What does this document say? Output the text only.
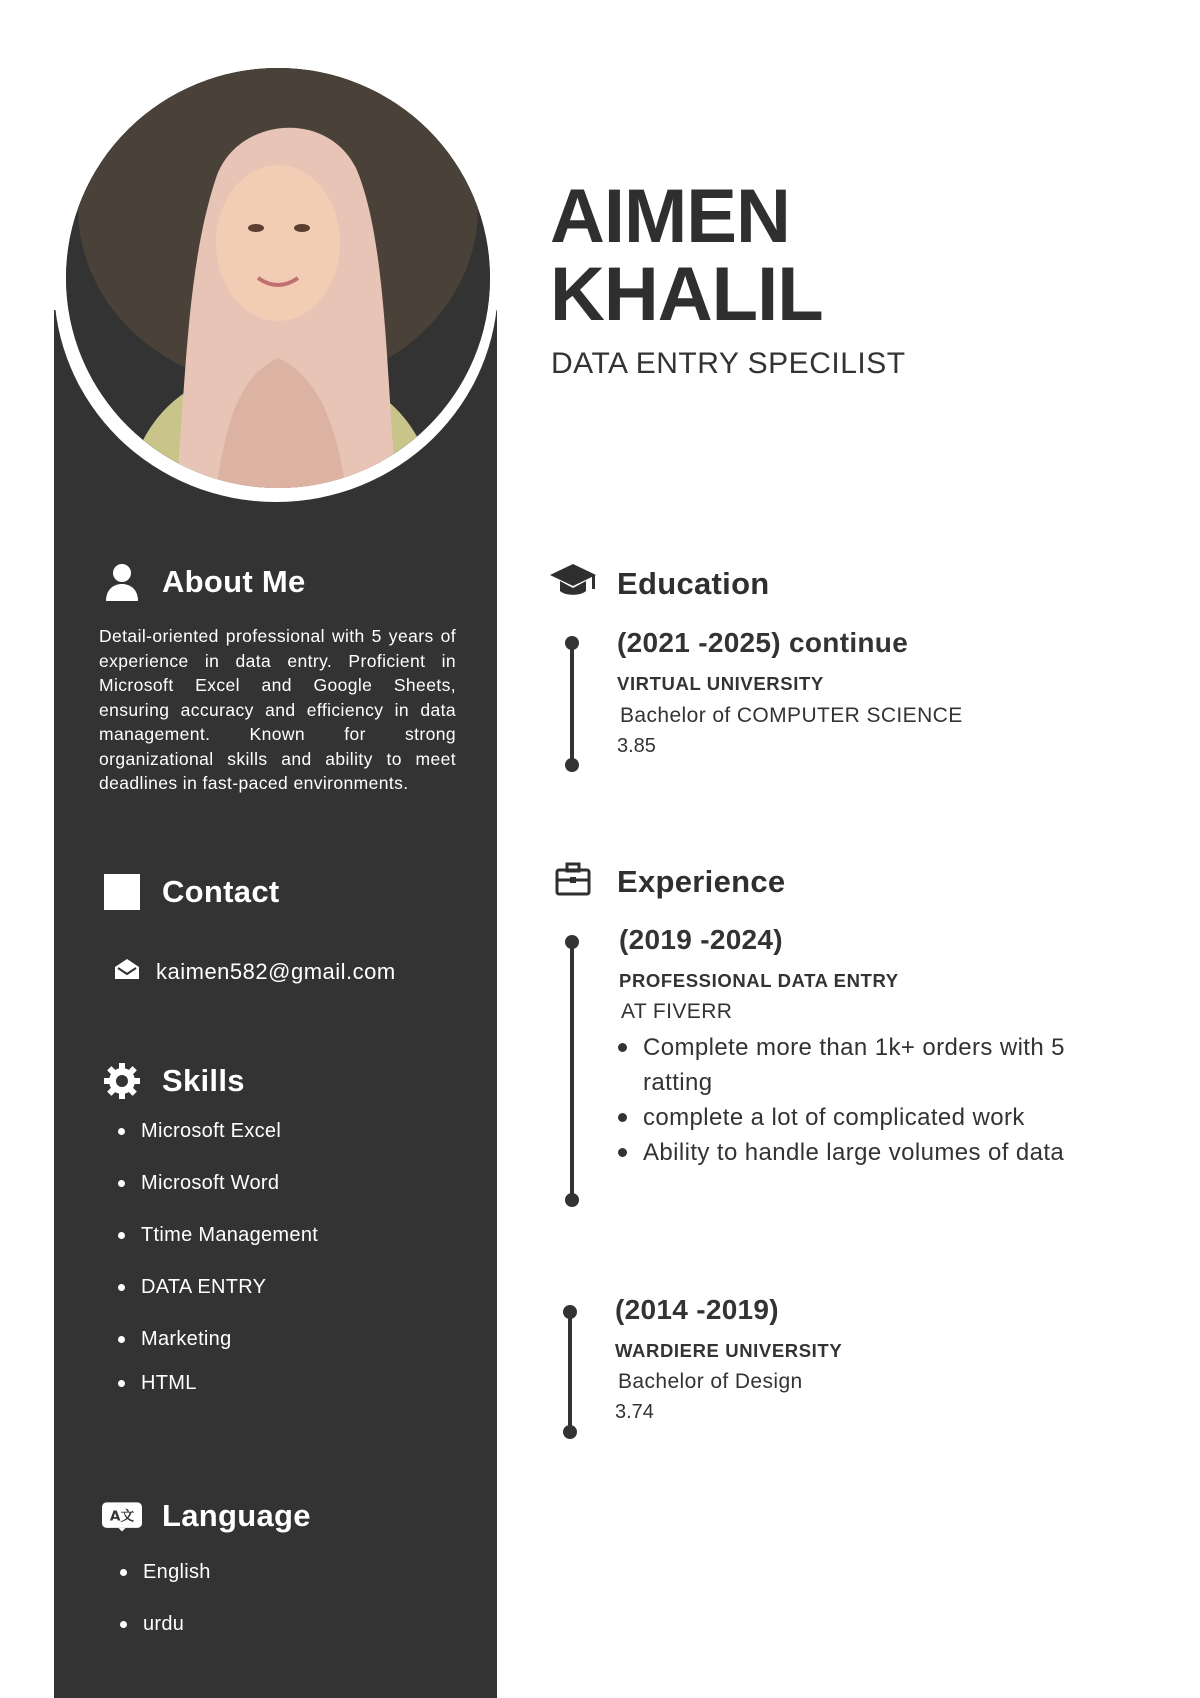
About Me
Detail-oriented professional with 5 years of experience in data entry. Proficient in Microsoft Excel and Google Sheets, ensuring accuracy and efficiency in data management. Known for strong organizational skills and ability to meet deadlines in fast-paced environments.
Contact
kaimen582@gmail.com
Skills
Microsoft Excel
Microsoft Word
Ttime Management
DATA ENTRY
Marketing
HTML
A文 Language
English
urdu
AIMEN
KHALIL
DATA ENTRY SPECILIST
Education
(2021 -2025) continue
VIRTUAL UNIVERSITY
Bachelor of COMPUTER SCIENCE
3.85
Experience
(2019 -2024)
PROFESSIONAL DATA ENTRY
AT FIVERR
Complete more than 1k+ orders with 5 ratting
complete a lot of complicated work
Ability to handle large volumes of data
(2014 -2019)
WARDIERE UNIVERSITY
Bachelor of Design
3.74
